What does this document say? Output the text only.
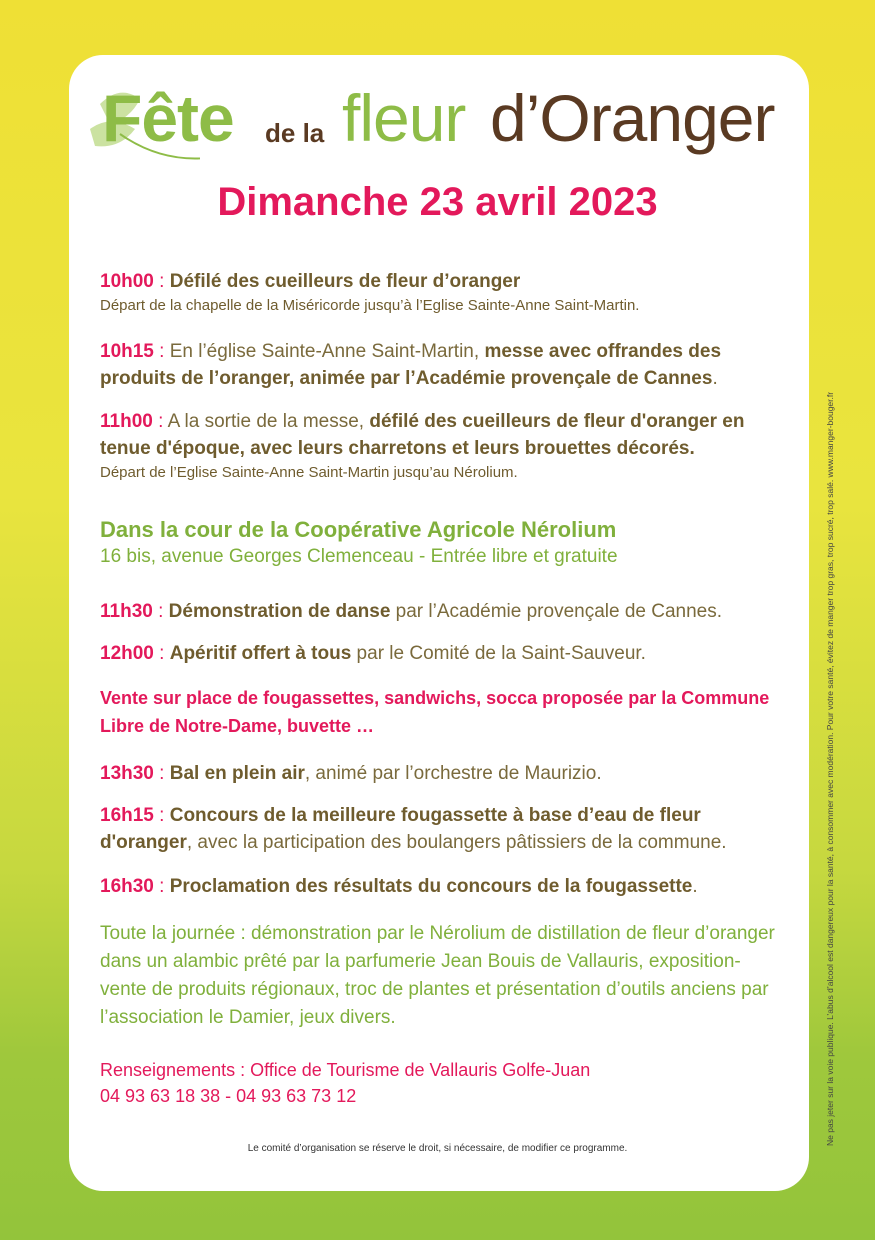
Fête de la fleur d’Oranger
Dimanche 23 avril 2023
10h00 : Défilé des cueilleurs de fleur d’oranger
Départ de la chapelle de la Miséricorde jusqu’à l’Eglise Sainte-Anne Saint-Martin.
10h15 : En l’église Sainte-Anne Saint-Martin, messe avec offrandes des produits de l’oranger, animée par l’Académie provençale de Cannes.
11h00 : A la sortie de la messe, défilé des cueilleurs de fleur d'oranger en tenue d'époque, avec leurs charretons et leurs brouettes décorés.
Départ de l’Eglise Sainte-Anne Saint-Martin jusqu’au Nérolium.
Dans la cour de la Coopérative Agricole Nérolium
16 bis, avenue Georges Clemenceau - Entrée libre et gratuite
11h30 : Démonstration de danse par l’Académie provençale de Cannes.
12h00 : Apéritif offert à tous par le Comité de la Saint-Sauveur.
Vente sur place de fougassettes, sandwichs, socca proposée par la Commune Libre de Notre-Dame, buvette …
13h30 : Bal en plein air, animé par l’orchestre de Maurizio.
16h15 : Concours de la meilleure fougassette à base d’eau de fleur d'oranger, avec la participation des boulangers pâtissiers de la commune.
16h30 : Proclamation des résultats du concours de la fougassette.
Toute la journée : démonstration par le Nérolium de distillation de fleur d’oranger dans un alambic prêté par la parfumerie Jean Bouis de Vallauris, exposition-vente de produits régionaux, troc de plantes et présentation d’outils anciens par l’association le Damier, jeux divers.
Renseignements : Office de Tourisme de Vallauris Golfe-Juan
04 93 63 18 38 - 04 93 63 73 12
Le comité d’organisation se réserve le droit, si nécessaire, de modifier ce programme.
Ne pas jeter sur la voie publique. L’abus d’alcool est dangereux pour la santé, à consommer avec modération. Pour votre santé, évitez de manger trop gras, trop sucré, trop salé. www.manger-bouger.fr
